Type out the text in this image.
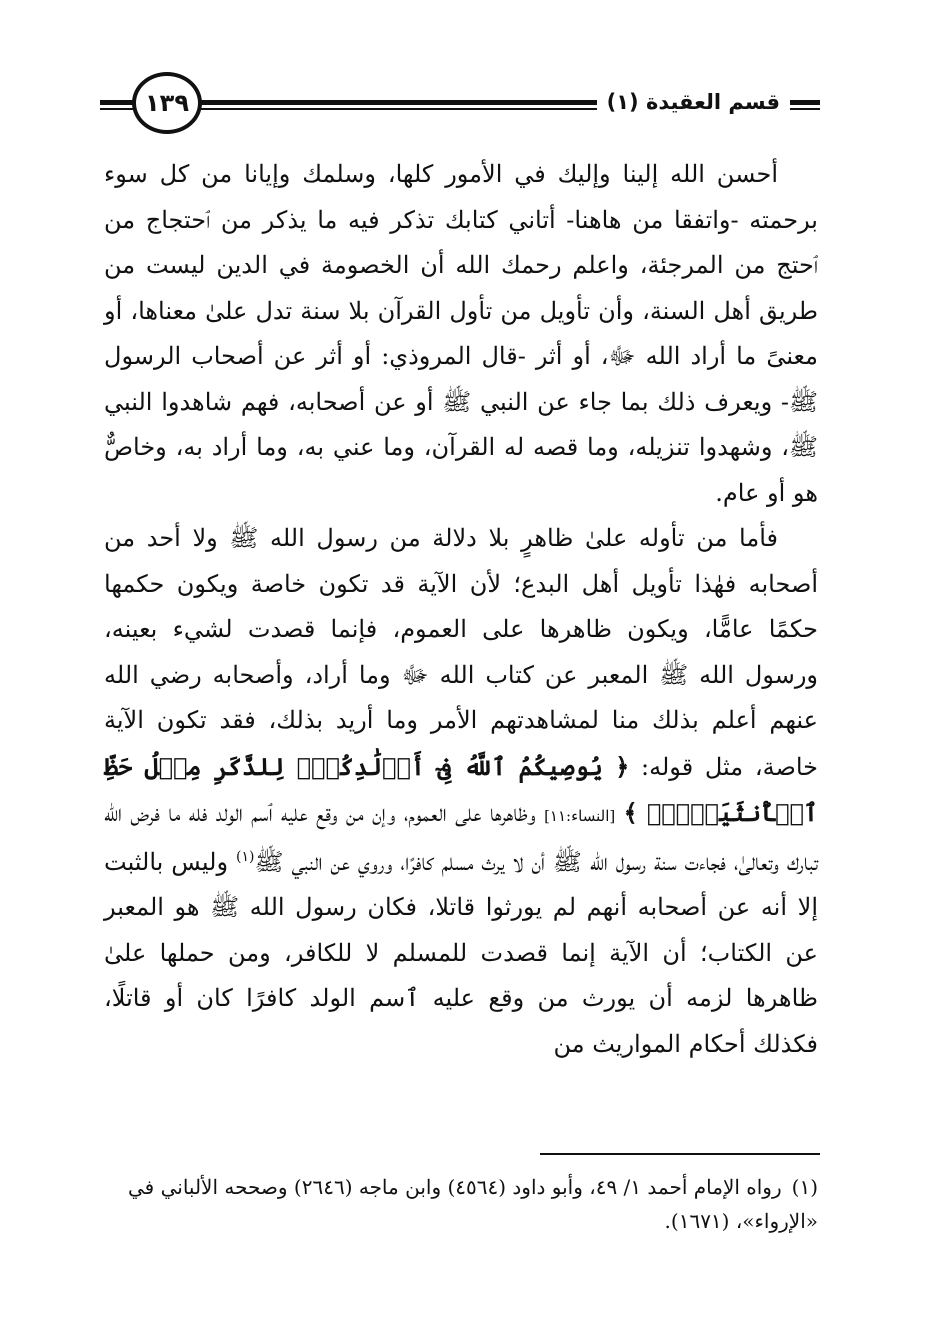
١٣٩	قسم العقيدة (١)

أحسن الله إلينا وإليك في الأمور كلها، وسلمك وإيانا من كل سوء برحمته -واتفقا من هاهنا- أتاني كتابك تذكر فيه ما يذكر من ٱحتجاج من ٱحتج من المرجئة، واعلم رحمك الله أن الخصومة في الدين ليست من طريق أهل السنة، وأن تأويل من تأول القرآن بلا سنة تدل علىٰ معناها، أو معنىً ما أراد الله ﷻ، أو أثر -قال المروذي: أو أثر عن أصحاب الرسول ﷺ- ويعرف ذلك بما جاء عن النبي ﷺ أو عن أصحابه، فهم شاهدوا النبي ﷺ، وشهدوا تنزيله، وما قصه له القرآن، وما عني به، وما أراد به، وخاصٌّ هو أو عام.

فأما من تأوله علىٰ ظاهرٍ بلا دلالة من رسول الله ﷺ ولا أحد من أصحابه فهٰذا تأويل أهل البدع؛ لأن الآية قد تكون خاصة ويكون حكمها حكمًا عامًّا، ويكون ظاهرها على العموم، فإنما قصدت لشيء بعينه، ورسول الله ﷺ المعبر عن كتاب الله ﷻ وما أراد، وأصحابه رضي الله عنهم أعلم بذلك منا لمشاهدتهم الأمر وما أريد بذلك، فقد تكون الآية خاصة، مثل قوله: ﴿ يُوصِيكُمُ ٱللَّهُ فِىٓ أَوۡلَٰدِكُمۡۖ لِلذَّكَرِ مِثۡلُ حَظِّ ٱلۡأُنثَيَيۡنِۚ ﴾ [النساء:١١] وظاهرها على العموم، وإن من وقع عليه ٱسم الولد فله ما فرض الله تبارك وتعالىٰ، فجاءت سنة رسول الله ﷺ أن لا يرث مسلم كافرًا، وروي عن النبي ﷺ$^{(١)}$ وليس بالثبت إلا أنه عن أصحابه أنهم لم يورثوا قاتلا، فكان رسول الله ﷺ هو المعبر عن الكتاب؛ أن الآية إنما قصدت للمسلم لا للكافر، ومن حملها علىٰ ظاهرها لزمه أن يورث من وقع عليه ٱسم الولد كافرًا كان أو قاتلًا، فكذلك أحكام المواريث من

(١)رواه الإمام أحمد ١/ ٤٩، وأبو داود (٤٥٦٤) وابن ماجه (٢٦٤٦) وصححه الألباني في «الإرواء»، (١٦٧١).
